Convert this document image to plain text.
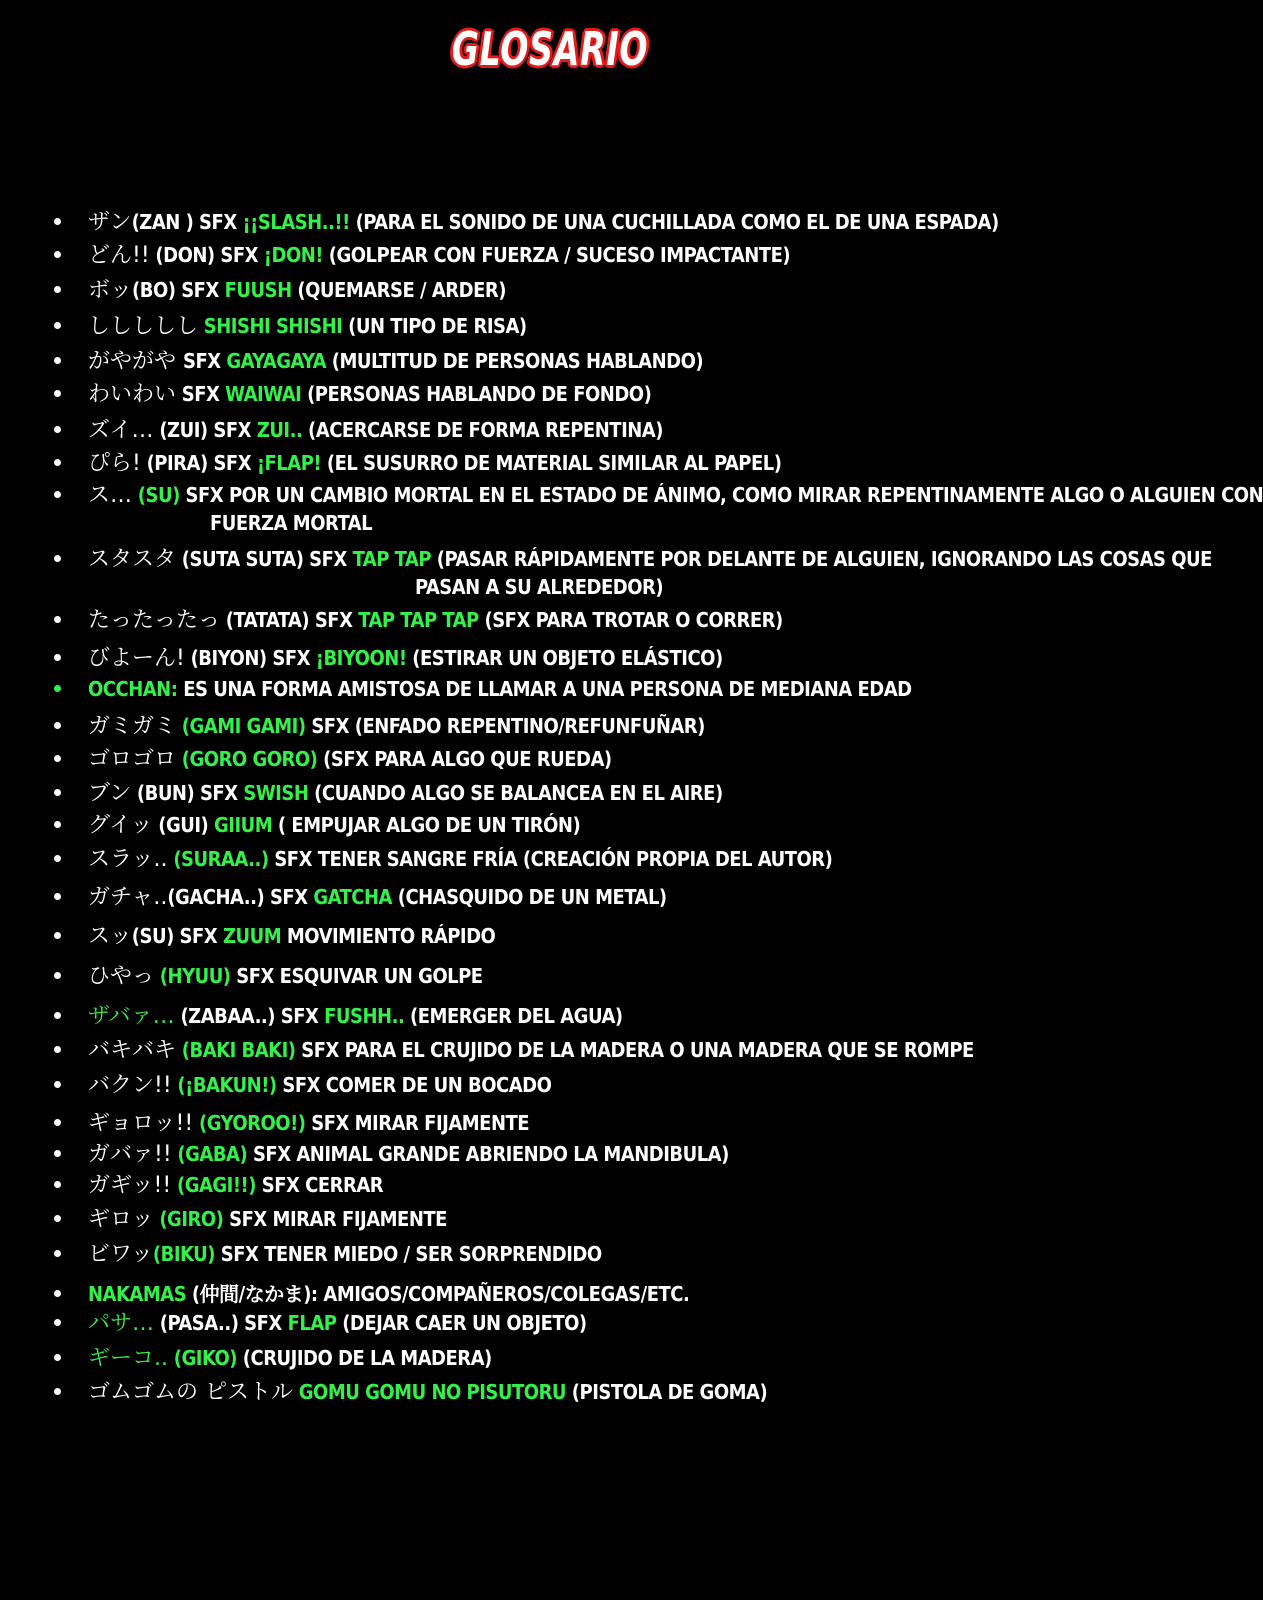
GLOSARIO
ザン(ZAN ) SFX ¡¡SLASH..!! (PARA EL SONIDO DE UNA CUCHILLADA COMO EL DE UNA ESPADA)
どん!! (DON) SFX ¡DON! (GOLPEAR CON FUERZA / SUCESO IMPACTANTE)
ボッ(BO) SFX FUUSH (QUEMARSE / ARDER)
ししししし SHISHI SHISHI (UN TIPO DE RISA)
がやがや SFX GAYAGAYA (MULTITUD DE PERSONAS HABLANDO)
わいわい SFX WAIWAI (PERSONAS HABLANDO DE FONDO)
ズイ… (ZUI) SFX ZUI.. (ACERCARSE DE FORMA REPENTINA)
ぴら! (PIRA) SFX ¡FLAP! (EL SUSURRO DE MATERIAL SIMILAR AL PAPEL)
ス… (SU) SFX POR UN CAMBIO MORTAL EN EL ESTADO DE ÁNIMO, COMO MIRAR REPENTINAMENTE ALGO O ALGUIEN CON
FUERZA MORTAL
スタスタ (SUTA SUTA) SFX TAP TAP (PASAR RÁPIDAMENTE POR DELANTE DE ALGUIEN, IGNORANDO LAS COSAS QUE
PASAN A SU ALREDEDOR)
たったったっ (TATATA) SFX TAP TAP TAP (SFX PARA TROTAR O CORRER)
びよーん! (BIYON) SFX ¡BIYOON! (ESTIRAR UN OBJETO ELÁSTICO)
OCCHAN: ES UNA FORMA AMISTOSA DE LLAMAR A UNA PERSONA DE MEDIANA EDAD
ガミガミ (GAMI GAMI) SFX (ENFADO REPENTINO/REFUNFUÑAR)
ゴロゴロ (GORO GORO) (SFX PARA ALGO QUE RUEDA)
ブン (BUN) SFX SWISH (CUANDO ALGO SE BALANCEA EN EL AIRE)
グイッ (GUI) GIIUM ( EMPUJAR ALGO DE UN TIRÓN)
スラッ.. (SURAA..) SFX TENER SANGRE FRÍA (CREACIÓN PROPIA DEL AUTOR)
ガチャ..(GACHA..) SFX GATCHA (CHASQUIDO DE UN METAL)
スッ(SU) SFX ZUUM MOVIMIENTO RÁPIDO
ひやっ (HYUU) SFX ESQUIVAR UN GOLPE
ザバァ… (ZABAA..) SFX FUSHH.. (EMERGER DEL AGUA)
バキバキ (BAKI BAKI) SFX PARA EL CRUJIDO DE LA MADERA O UNA MADERA QUE SE ROMPE
バクン!! (¡BAKUN!) SFX COMER DE UN BOCADO
ギョロッ!! (GYOROO!) SFX MIRAR FIJAMENTE
ガバァ!! (GABA) SFX ANIMAL GRANDE ABRIENDO LA MANDIBULA)
ガギッ!! (GAGI!!) SFX CERRAR
ギロッ (GIRO) SFX MIRAR FIJAMENTE
ビワッ(BIKU) SFX TENER MIEDO / SER SORPRENDIDO
NAKAMAS (仲間/なかま): AMIGOS/COMPAÑEROS/COLEGAS/ETC.
パサ… (PASA..) SFX FLAP (DEJAR CAER UN OBJETO)
ギーコ.. (GIKO) (CRUJIDO DE LA MADERA)
ゴムゴムの ピストル GOMU GOMU NO PISUTORU (PISTOLA DE GOMA)
